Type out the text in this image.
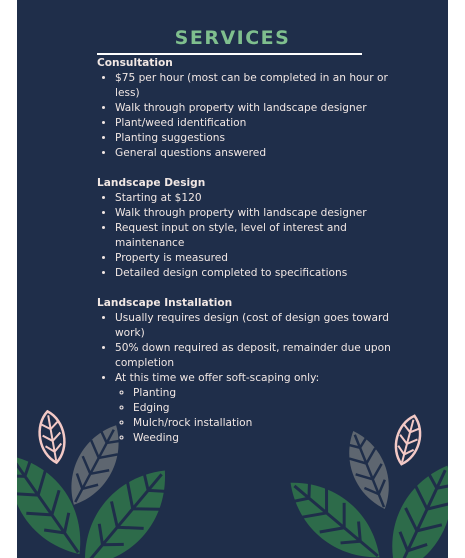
SERVICES

Consultation

• $75 per hour (most can be completed in an hour or less)
• Walk through property with landscape designer
• Plant/weed identification
• Planting suggestions
• General questions answered

Landscape Design

• Starting at $120
• Walk through property with landscape designer
• Request input on style, level of interest and maintenance
• Property is measured
• Detailed design completed to specifications

Landscape Installation

• Usually requires design (cost of design goes toward work)
• 50% down required as deposit, remainder due upon completion
• At this time we offer soft-scaping only:
◦ Planting
◦ Edging
◦ Mulch/rock installation
◦ Weeding
